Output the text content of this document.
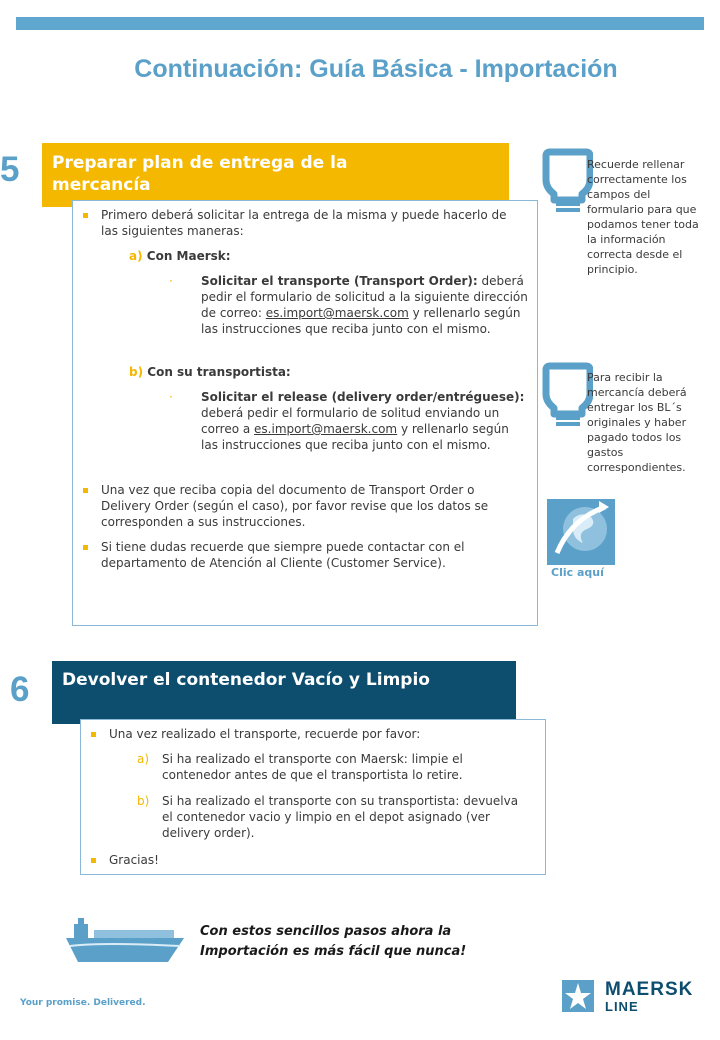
Continuación: Guía Básica - Importación
5 Preparar plan de entrega de la mercancía
Primero deberá solicitar la entrega de la misma y puede hacerlo de las siguientes maneras:
a) Con Maersk:
· Solicitar el transporte (Transport Order): deberá pedir el formulario de solicitud a la siguiente dirección de correo: es.import@maersk.com y rellenarlo según las instrucciones que reciba junto con el mismo.
b) Con su transportista:
· Solicitar el release (delivery order/entréguese): deberá pedir el formulario de solitud enviando un correo a es.import@maersk.com y rellenarlo según las instrucciones que reciba junto con el mismo.
Una vez que reciba copia del documento de Transport Order o Delivery Order (según el caso), por favor revise que los datos se corresponden a sus instrucciones.
Si tiene dudas recuerde que siempre puede contactar con el departamento de Atención al Cliente (Customer Service).
Recuerde rellenar correctamente los campos del formulario para que podamos tener toda la información correcta desde el principio.
Para recibir la mercancía deberá entregar los BL´s originales y haber pagado todos los gastos correspondientes.
Clic aquí
6 Devolver el contenedor Vacío y Limpio
Una vez realizado el transporte, recuerde por favor:
a) Si ha realizado el transporte con Maersk: limpie el contenedor antes de que el transportista lo retire.
b) Si ha realizado el transporte con su transportista: devuelva el contenedor vacio y limpio en el depot asignado (ver delivery order).
Gracias!
Con estos sencillos pasos ahora la Importación es más fácil que nunca!
Your promise. Delivered.
MAERSK
LINE
